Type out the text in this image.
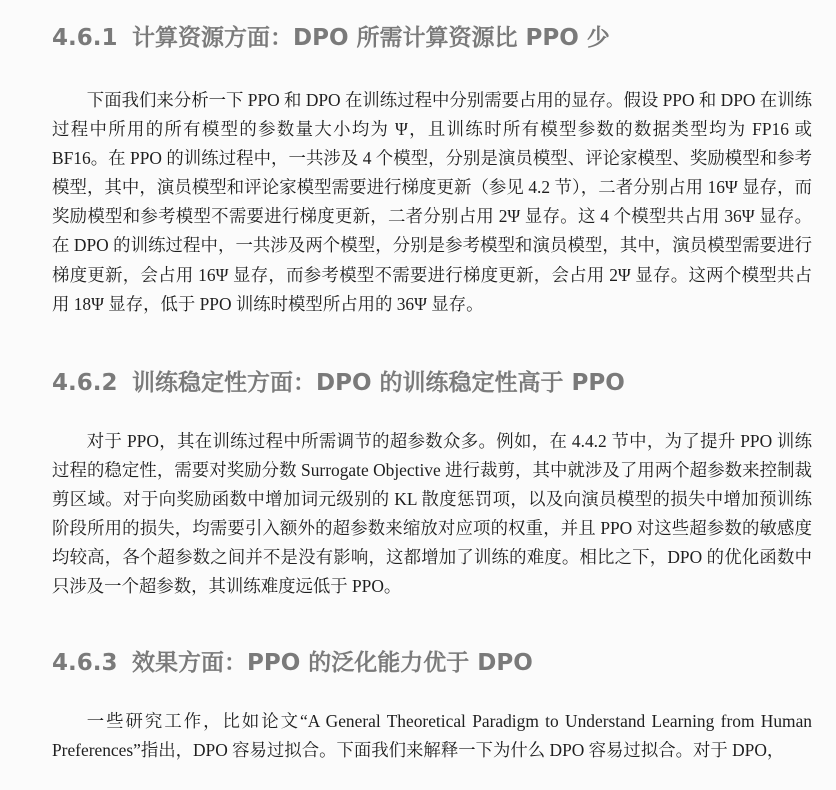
4.6.1 计算资源方面：DPO 所需计算资源比 PPO 少

下面我们来分析一下 PPO 和 DPO 在训练过程中分别需要占用的显存。假设 PPO 和 DPO 在训练过程中所用的所有模型的参数量大小均为 Ψ，且训练时所有模型参数的数据类型均为 FP16 或 BF16。在 PPO 的训练过程中，一共涉及 4 个模型，分别是演员模型、评论家模型、奖励模型和参考模型，其中，演员模型和评论家模型需要进行梯度更新（参见 4.2 节），二者分别占用 16Ψ 显存，而奖励模型和参考模型不需要进行梯度更新，二者分别占用 2Ψ 显存。这 4 个模型共占用 36Ψ 显存。在 DPO 的训练过程中，一共涉及两个模型，分别是参考模型和演员模型，其中，演员模型需要进行梯度更新，会占用 16Ψ 显存，而参考模型不需要进行梯度更新，会占用 2Ψ 显存。这两个模型共占用 18Ψ 显存，低于 PPO 训练时模型所占用的 36Ψ 显存。

4.6.2 训练稳定性方面：DPO 的训练稳定性高于 PPO

对于 PPO，其在训练过程中所需调节的超参数众多。例如，在 4.4.2 节中，为了提升 PPO 训练过程的稳定性，需要对奖励分数 Surrogate Objective 进行裁剪，其中就涉及了用两个超参数来控制裁剪区域。对于向奖励函数中增加词元级别的 KL 散度惩罚项，以及向演员模型的损失中增加预训练阶段所用的损失，均需要引入额外的超参数来缩放对应项的权重，并且 PPO 对这些超参数的敏感度均较高，各个超参数之间并不是没有影响，这都增加了训练的难度。相比之下，DPO 的优化函数中只涉及一个超参数，其训练难度远低于 PPO。

4.6.3 效果方面：PPO 的泛化能力优于 DPO

一些研究工作，比如论文“A General Theoretical Paradigm to Understand Learning from Human Preferences”指出，DPO 容易过拟合。下面我们来解释一下为什么 DPO 容易过拟合。对于 DPO，
